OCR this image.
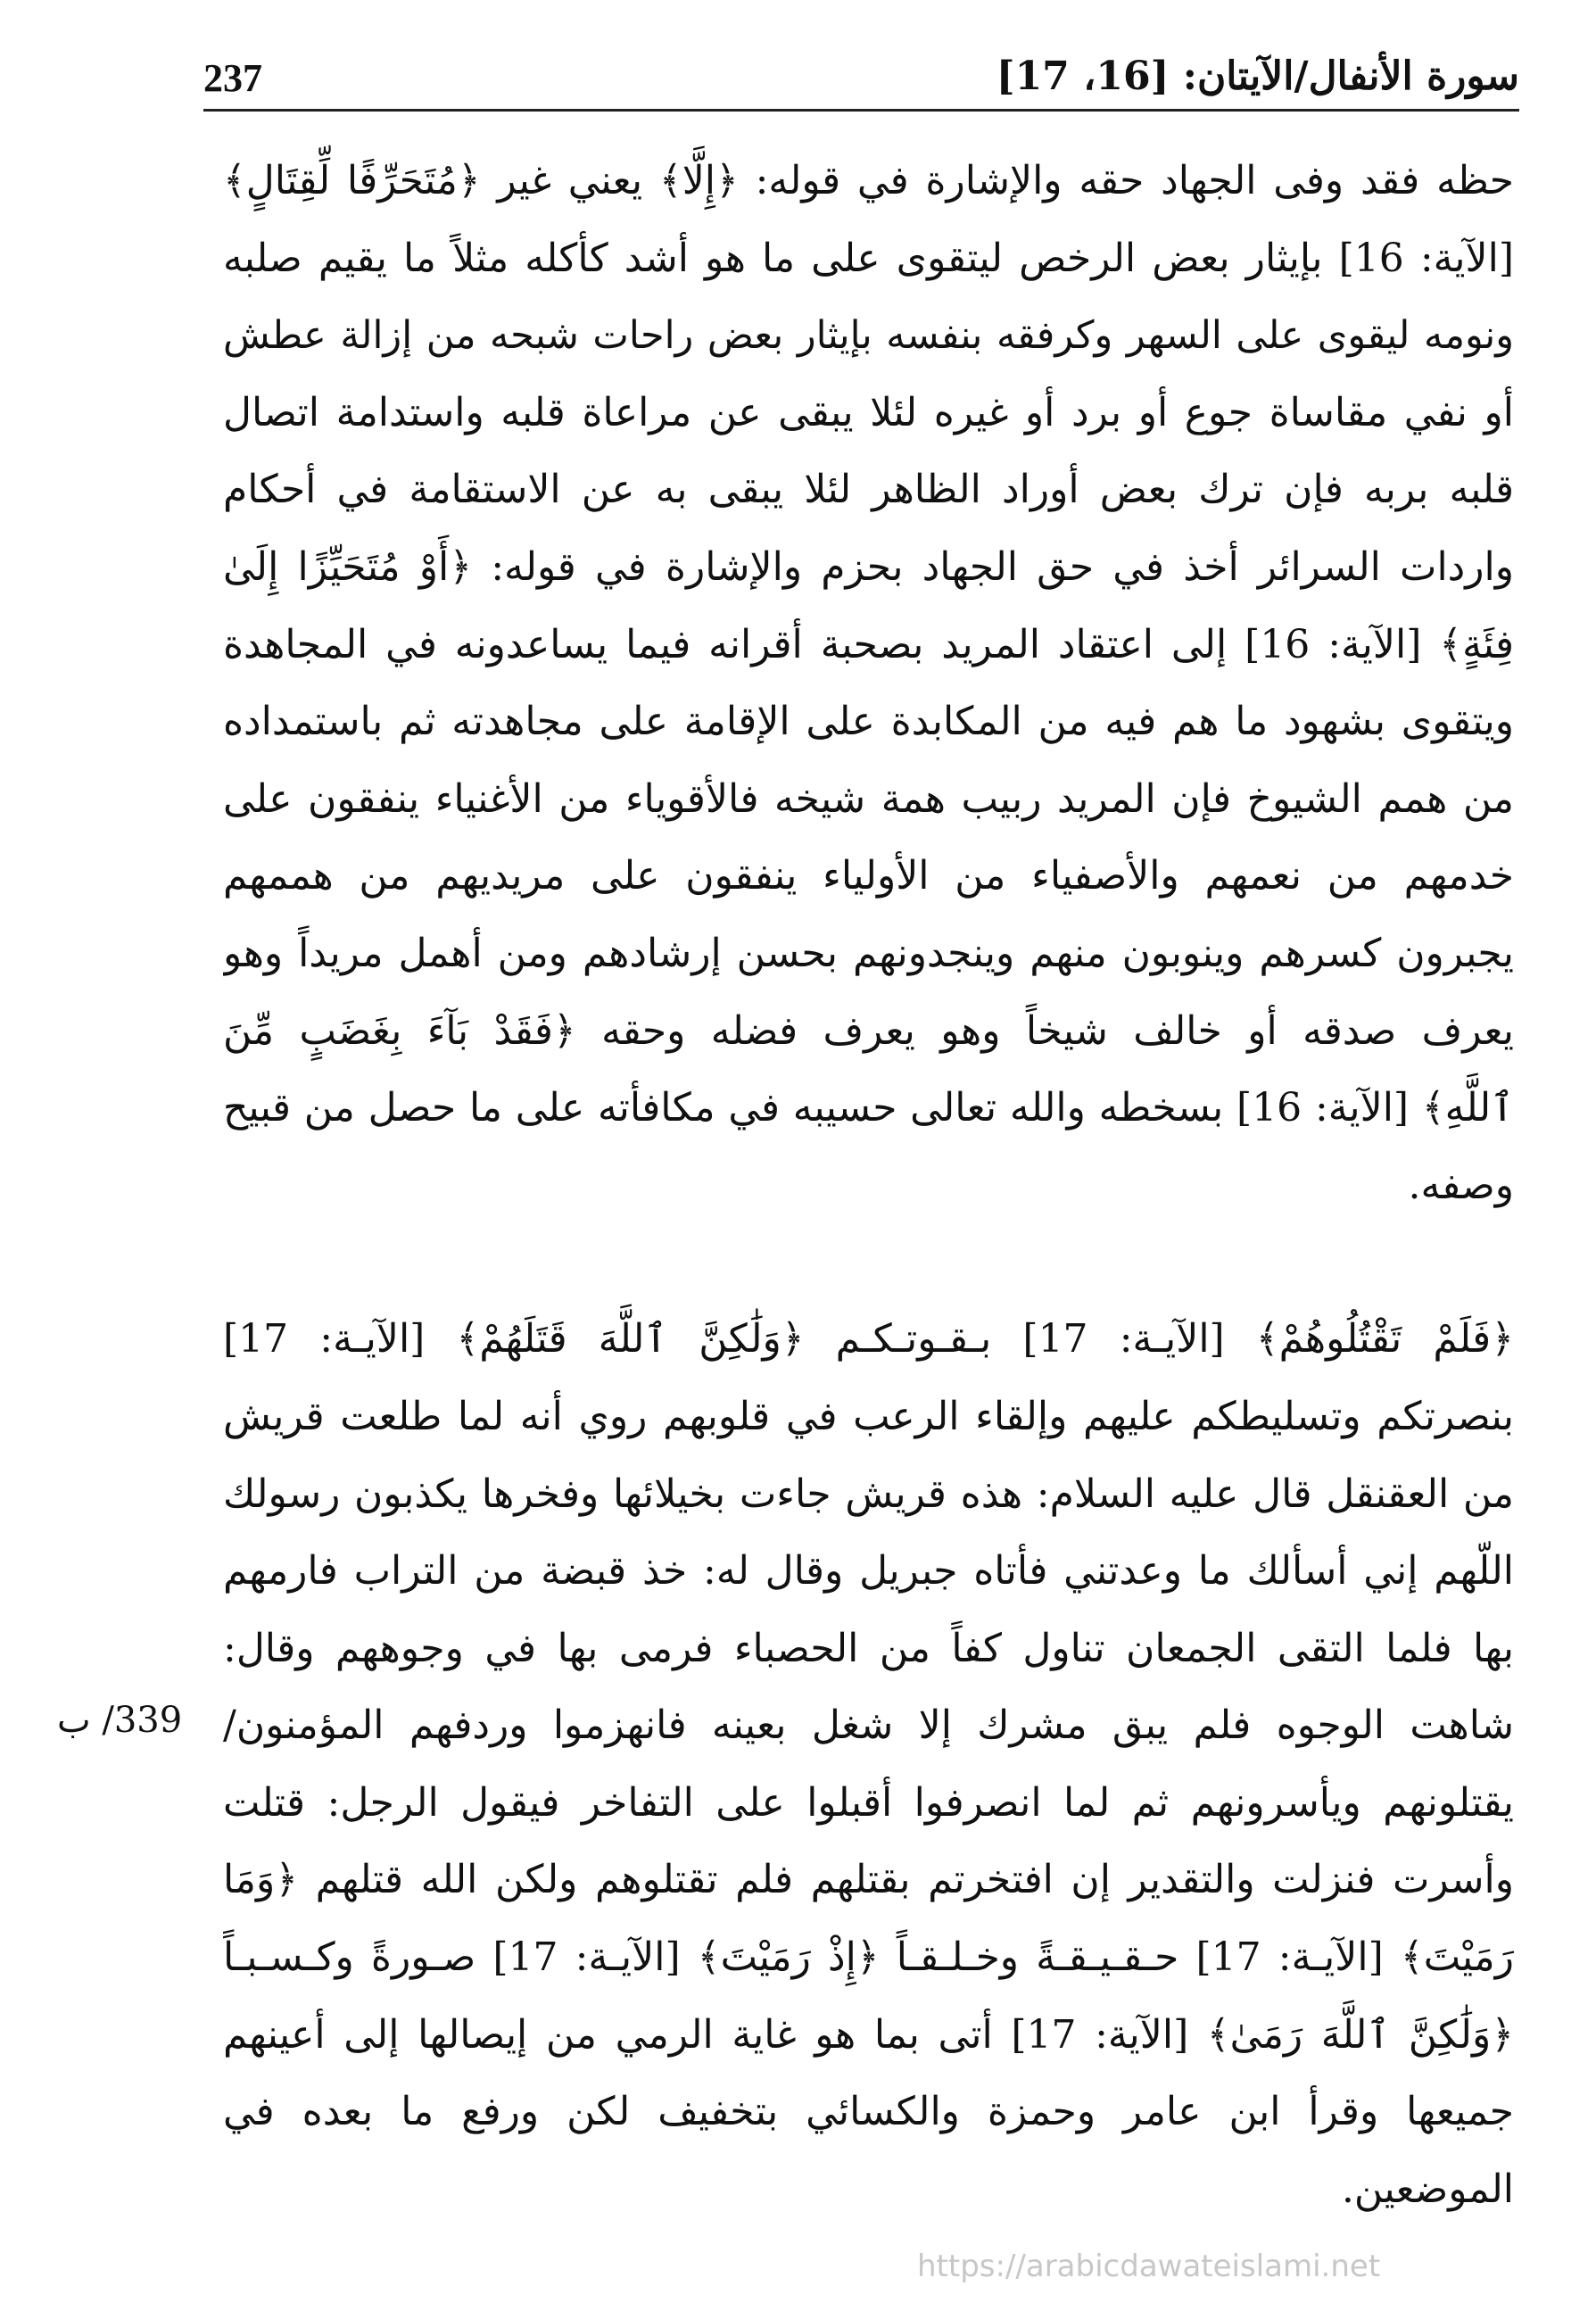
237	سورة الأنفال/الآيتان: [16، 17]

حظه فقد وفى الجهاد حقه والإشارة في قوله: ﴿إِلَّا﴾ يعني غير ﴿مُتَحَرِّفًا لِّقِتَالٍ﴾
[الآية: 16] بإيثار بعض الرخص ليتقوى على ما هو أشد كأكله مثلاً ما يقيم صلبه
ونومه ليقوى على السهر وكرفقه بنفسه بإيثار بعض راحات شبحه من إزالة عطش
أو نفي مقاساة جوع أو برد أو غيره لئلا يبقى عن مراعاة قلبه واستدامة اتصال
قلبه بربه فإن ترك بعض أوراد الظاهر لئلا يبقى به عن الاستقامة في أحكام
واردات السرائر أخذ في حق الجهاد بحزم والإشارة في قوله: ﴿أَوْ مُتَحَيِّزًا إِلَىٰ
فِئَةٍ﴾ [الآية: 16] إلى اعتقاد المريد بصحبة أقرانه فيما يساعدونه في المجاهدة
ويتقوى بشهود ما هم فيه من المكابدة على الإقامة على مجاهدته ثم باستمداده
من همم الشيوخ فإن المريد ربيب همة شيخه فالأقوياء من الأغنياء ينفقون على
خدمهم من نعمهم والأصفياء من الأولياء ينفقون على مريديهم من هممهم
يجبرون كسرهم وينوبون منهم وينجدونهم بحسن إرشادهم ومن أهمل مريداً وهو
يعرف صدقه أو خالف شيخاً وهو يعرف فضله وحقه ﴿فَقَدْ بَآءَ بِغَضَبٍ مِّنَ
ٱللَّهِ﴾ [الآية: 16] بسخطه والله تعالى حسيبه في مكافأته على ما حصل من قبيح
وصفه.

﴿فَلَمْ تَقْتُلُوهُمْ﴾ [الآيـة: 17] بـقـوتـكـم ﴿وَلَٰكِنَّ ٱللَّهَ قَتَلَهُمْ﴾ [الآيـة: 17]
بنصرتكم وتسليطكم عليهم وإلقاء الرعب في قلوبهم روي أنه لما طلعت قريش
من العقنقل قال عليه السلام: هذه قريش جاءت بخيلائها وفخرها يكذبون رسولك
اللّهم إني أسألك ما وعدتني فأتاه جبريل وقال له: خذ قبضة من التراب فارمهم
بها فلما التقى الجمعان تناول كفاً من الحصباء فرمى بها في وجوههم وقال:
شاهت الوجوه فلم يبق مشرك إلا شغل بعينه فانهزموا وردفهم المؤمنون/
يقتلونهم ويأسرونهم ثم لما انصرفوا أقبلوا على التفاخر فيقول الرجل: قتلت
وأسرت فنزلت والتقدير إن افتخرتم بقتلهم فلم تقتلوهم ولكن الله قتلهم ﴿وَمَا
رَمَيْتَ﴾ [الآيـة: 17] حـقـيـقـةً وخـلـقـاً ﴿إِذْ رَمَيْتَ﴾ [الآيـة: 17] صـورةً وكـسـبـاً
﴿وَلَٰكِنَّ ٱللَّهَ رَمَىٰ﴾ [الآية: 17] أتى بما هو غاية الرمي من إيصالها إلى أعينهم
جميعها وقرأ ابن عامر وحمزة والكسائي بتخفيف لكن ورفع ما بعده في
الموضعين.

339/ ب
https://arabicdawateislami.net
